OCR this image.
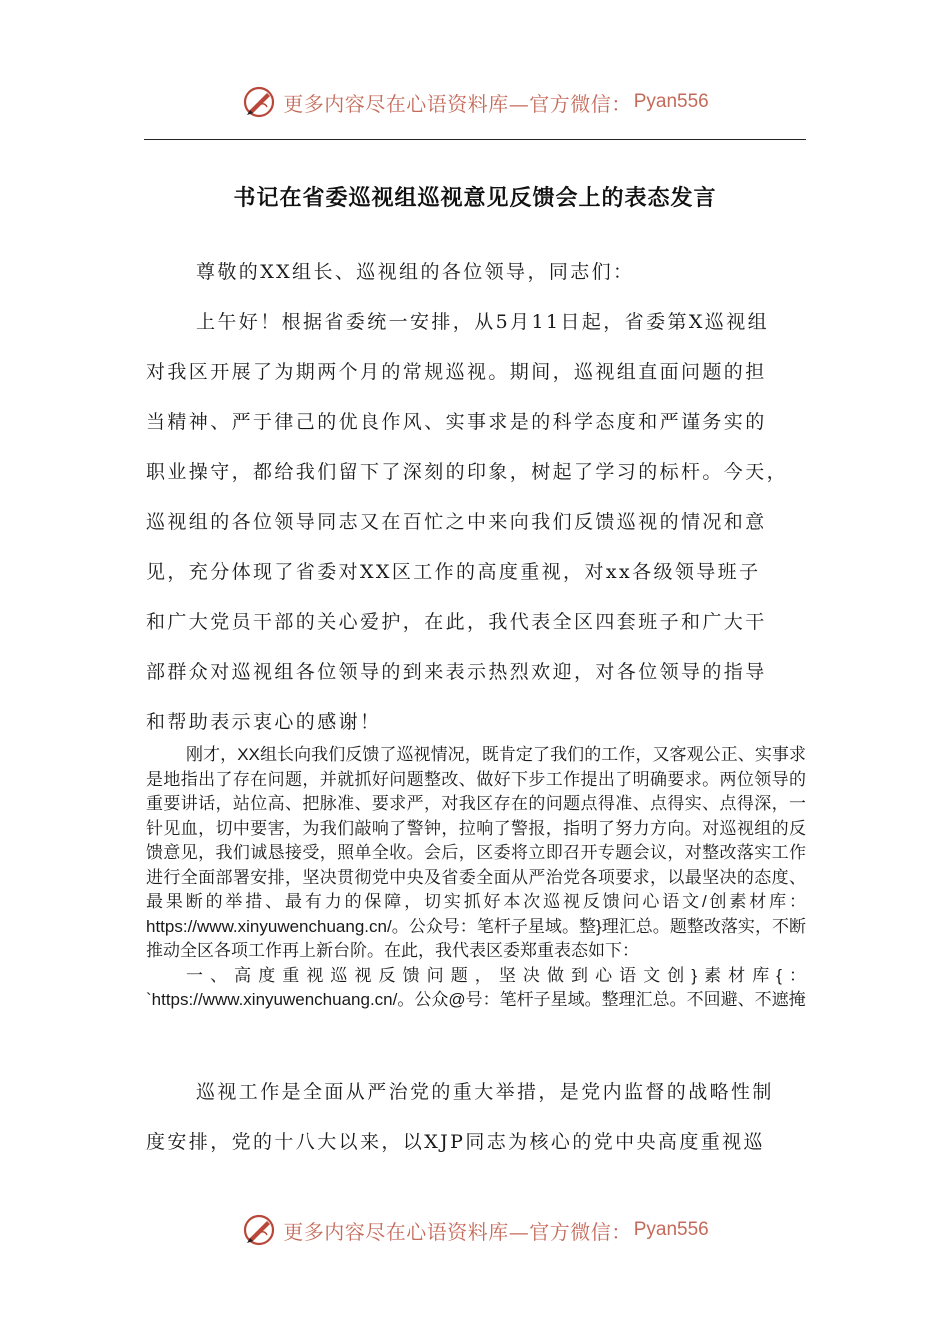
更多内容尽在心语资料库—官方微信： Pyan556
书记在省委巡视组巡视意见反馈会上的表态发言

尊敬的XX组长、巡视组的各位领导，同志们：

上午好！根据省委统一安排，从5月11日起，省委第X巡视组

对我区开展了为期两个月的常规巡视。期间，巡视组直面问题的担

当精神、严于律己的优良作风、实事求是的科学态度和严谨务实的

职业操守，都给我们留下了深刻的印象，树起了学习的标杆。今天，

巡视组的各位领导同志又在百忙之中来向我们反馈巡视的情况和意

见，充分体现了省委对XX区工作的高度重视，对xx各级领导班子

和广大党员干部的关心爱护，在此，我代表全区四套班子和广大干

部群众对巡视组各位领导的到来表示热烈欢迎，对各位领导的指导

和帮助表示衷心的感谢！

刚才，XX组长向我们反馈了巡视情况，既肯定了我们的工作，又客观公正、实事求是地指出了存在问题，并就抓好问题整改、做好下步工作提出了明确要求。两位领导的重要讲话，站位高、把脉准、要求严，对我区存在的问题点得准、点得实、点得深，一针见血，切中要害，为我们敲响了警钟，拉响了警报，指明了努力方向。对巡视组的反馈意见，我们诚恳接受，照单全收。会后，区委将立即召开专题会议，对整改落实工作进行全面部署安排，坚决贯彻党中央及省委全面从严治党各项要求，以最坚决的态度、最果断的举措、最有力的保障，切实抓好本次巡视反馈问心语文/创素材库：https://www.xinyuwenchuang.cn/。公众号：笔杆子星域。整}理汇总。题整改落实，不断推动全区各项工作再上新台阶。在此，我代表区委郑重表态如下：

一、高度重视巡视反馈问题，坚决做到心语文创}素材库{：`https://www.xinyuwenchuang.cn/。公众@号：笔杆子星域。整理汇总。不回避、不遮掩

巡视工作是全面从严治党的重大举措，是党内监督的战略性制

度安排，党的十八大以来，以XJP同志为核心的党中央高度重视巡

更多内容尽在心语资料库—官方微信： Pyan556
